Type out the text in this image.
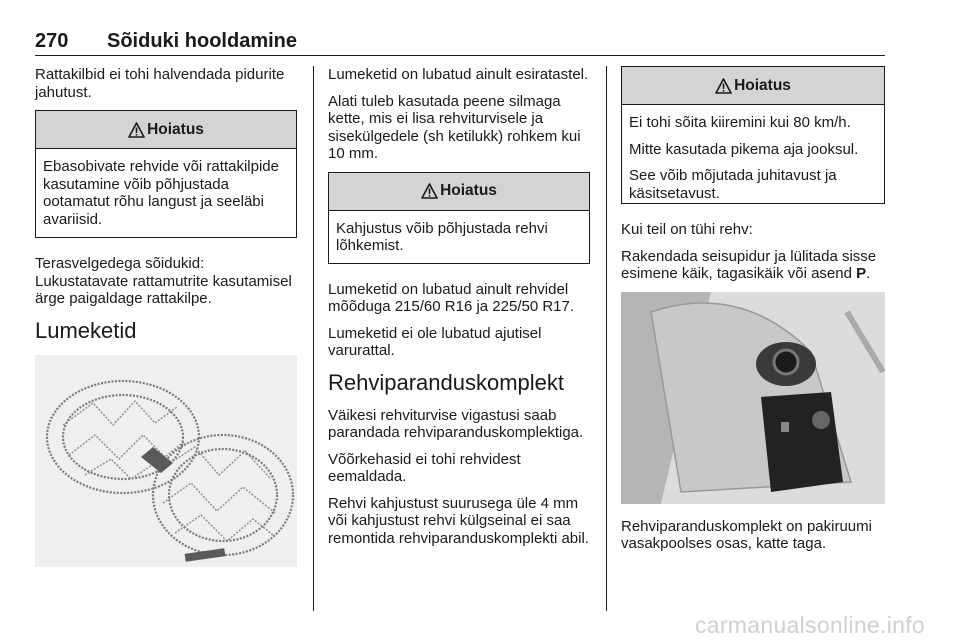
270 Sõiduki hooldamine

Rattakilbid ei tohi halvendada pidurite jahutust.

Hoiatus

Ebasobivate rehvide või rattakilpide kasutamine võib põhjustada ootamatut rõhu langust ja seeläbi avariisid.

Terasvelgedega sõidukid: Lukustatavate rattamutrite kasutamisel ärge paigaldage rattakilpe.

Lumeketid

Lumeketid on lubatud ainult esiratastel.

Alati tuleb kasutada peene silmaga kette, mis ei lisa rehviturvisele ja sisekülgedele (sh ketilukk) rohkem kui 10 mm.

Hoiatus

Kahjustus võib põhjustada rehvi lõhkemist.

Lumeketid on lubatud ainult rehvidel mõõduga 215/60 R16 ja 225/50 R17.

Lumeketid ei ole lubatud ajutisel varurattal.

Rehviparanduskomplekt

Väikesi rehviturvise vigastusi saab parandada rehviparanduskomplektiga.

Võõrkehasid ei tohi rehvidest eemaldada.

Rehvi kahjustust suurusega üle 4 mm või kahjustust rehvi külgseinal ei saa remontida rehviparanduskomplekti abil.

Hoiatus

Ei tohi sõita kiiremini kui 80 km/h.

Mitte kasutada pikema aja jooksul.

See võib mõjutada juhitavust ja käsitsetavust.

Kui teil on tühi rehv:

Rakendada seisupidur ja lülitada sisse esimene käik, tagasikäik või asend P.

Rehviparanduskomplekt on pakiruumi vasakpoolses osas, katte taga.

carmanualsonline.info
